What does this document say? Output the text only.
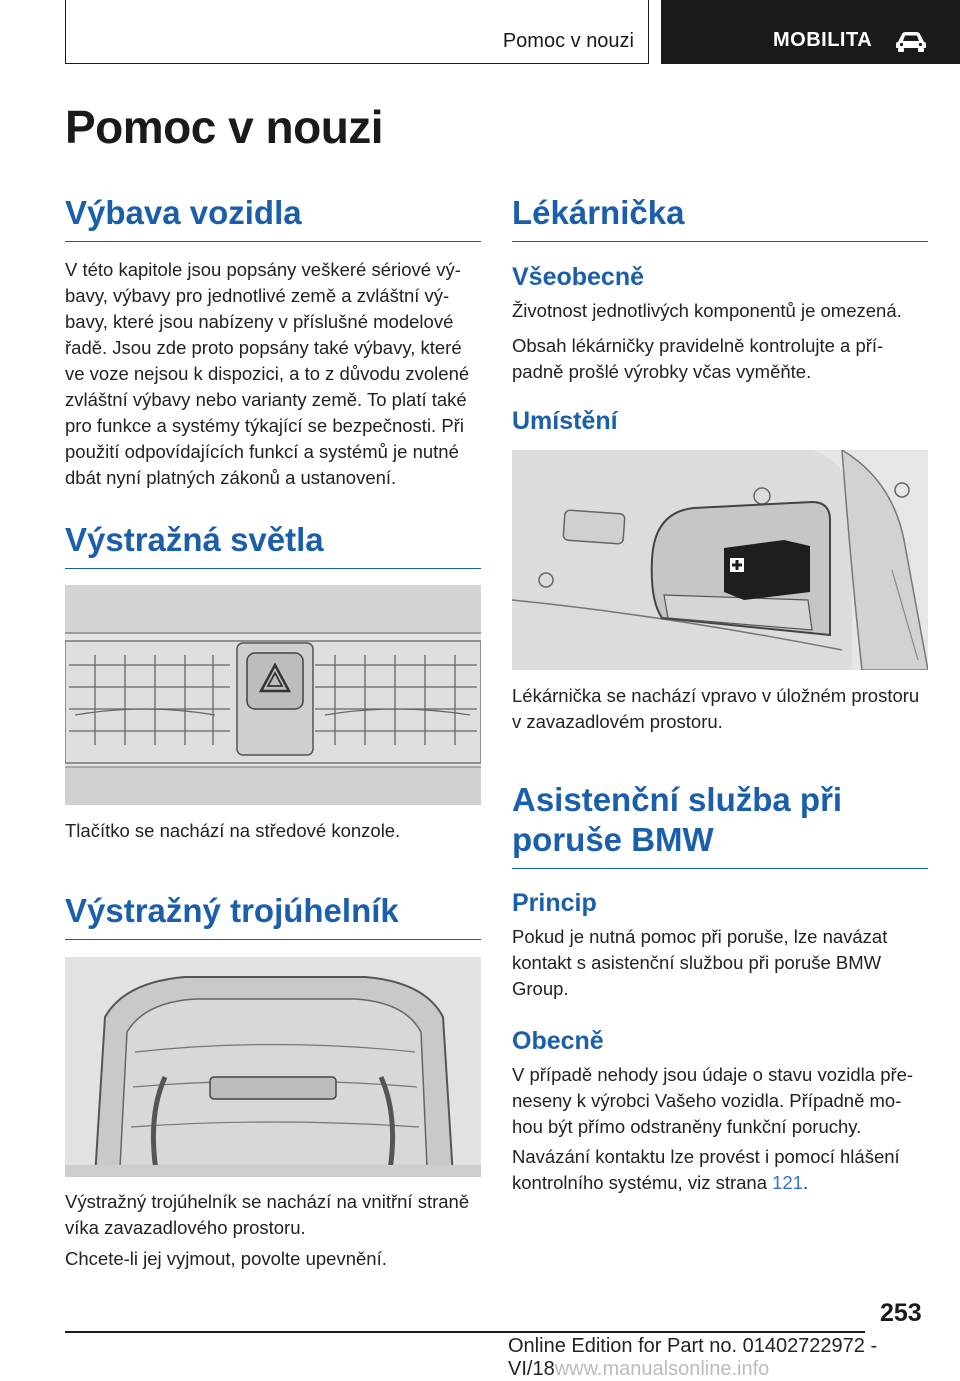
Pomoc v nouzi	MOBILITA
Pomoc v nouzi
Výbava vozidla
V této kapitole jsou popsány veškeré sériové vý‐
bavy, výbavy pro jednotlivé země a zvláštní vý‐
bavy, které jsou nabízeny v příslušné modelové
řadě. Jsou zde proto popsány také výbavy, které
ve voze nejsou k dispozici, a to z důvodu zvolené
zvláštní výbavy nebo varianty země. To platí také
pro funkce a systémy týkající se bezpečnosti. Při
použití odpovídajících funkcí a systémů je nutné
dbát nyní platných zákonů a ustanovení.
Výstražná světla

Tlačítko se nachází na středové konzole.

Výstražný trojúhelník
Výstražný trojúhelník se nachází na vnitřní straně
víka zavazadlového prostoru.

Chcete-li jej vyjmout, povolte upevnění.

Lékárnička
Všeobecně

Životnost jednotlivých komponentů je omezená.

Obsah lékárničky pravidelně kontrolujte a pří‐
padně prošlé výrobky včas vyměňte.
Umístění
Lékárnička se nachází vpravo v úložném prostoru
v zavazadlovém prostoru.
Asistenční služba při
poruše BMW
Princip
Pokud je nutná pomoc při poruše, lze navázat
kontakt s asistenční službou při poruše BMW
Group.
Obecně
V případě nehody jsou údaje o stavu vozidla pře‐
neseny k výrobci Vašeho vozidla. Případně mo‐
hou být přímo odstraněny funkční poruchy.
Navázání kontaktu lze provést i pomocí hlášení
kontrolního systému, viz strana 121.
253
Online Edition for Part no. 01402722972 - VI/18www.manualsonline.info
